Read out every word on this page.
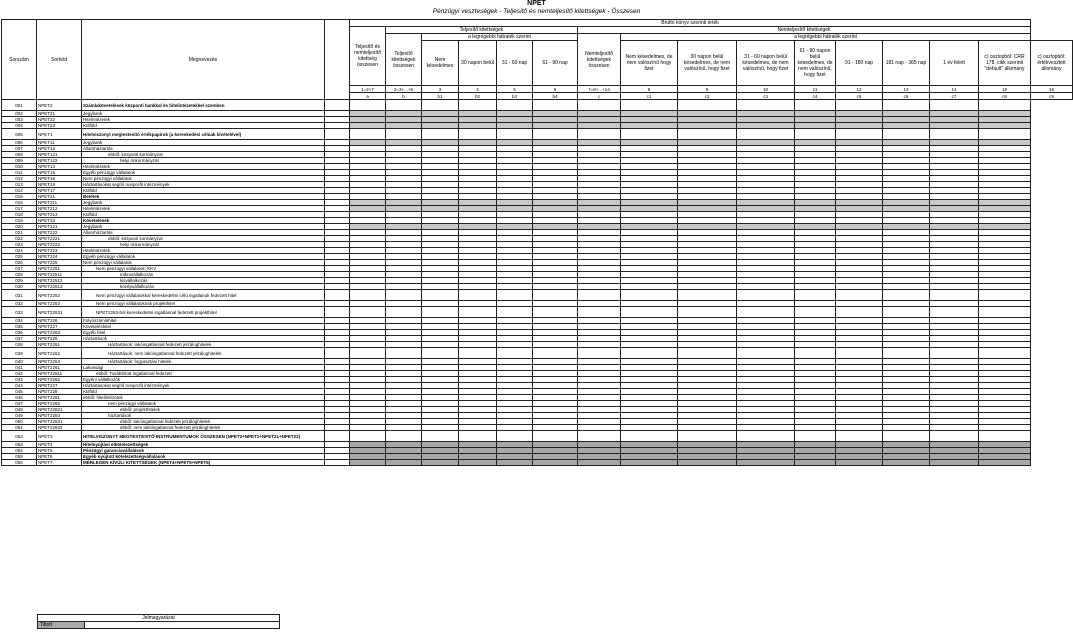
NPET
Pénzügyi veszteségek - Teljesítő és nemteljesítő kitettségek - Összesen
Sorszám	Sorkód	Megnevezés		Bruttó könyv szerinti érték															
				Teljesítő és nemteljesítő kitettség összesen	Teljesítő kitettségek					Nemteljesítő kitettségek									
					Teljesítő kitettségek összesen	a legrégebbi hátralék szerint				Nemteljesítő kitettségek összesen	a legrégebbi hátralék szerint								
						Nem késedelmes	30 napon belül	31 - 60 nap	61 - 90 nap		Nem késedelmes, de nem valószínű hogy fizet	30 napon belül késedelmes, de nem valószínű, hogy fizet	31 - 60 napon belül késedelmes, de nem valószínű, hogy fizet	61 - 90 napon belül késedelmes, de nem valószínű, hogy fizet	91 - 180 nap	181 nap - 365 nap	1 év felett	c) oszlopból: CRR 178. cikk szerinti "default" állomány	c) oszlopból: értékvesztett állomány
				1=2+7	2=3+...+6	3	4	5	6	7=8+...+14	8	9	10	11	12	13	14	15	16
				a	b	b1	b2	b3	b4	c	c1	c2	c3	c4	c5	c6	c7	c8	c9
001	NPET2	Számlakövetelések központi bankkal és hitelintézetekkel szemben																	
002	NPET21	Jegybank																	
003	NPET22	Hitelintézetek																	
004	NPET23	Külföld																	
005	NPET1	Hitelviszonyt megtestesítő értékpapírok (a kereskedési célúak kivételével)																	
006	NPET11	Jegybank																	
007	NPET12	Államháztartás																	
008	NPET121	ebből: központi kormányzat																	
009	NPET122	helyi önkormányzat																	
010	NPET13	Hitelintézetek																	
011	NPET15	Egyéb pénzügyi vállalatok																	
012	NPET16	Nem pénzügyi vállalatok																	
013	NPET18	Háztartásokat segítő nonprofit intézmények																	
014	NPET17	Külföld																	
015	NPET21	Betétek																	
016	NPET211	Jegybank																	
017	NPET212	Hitelintézetek																	
018	NPET213	Külföld																	
019	NPET22	Követelések																	
020	NPET221	Jegybank																	
021	NPET222	Államháztartás																	
022	NPET2221	ebből: központi kormányzat																	
023	NPET2222	helyi önkormányzat																	
024	NPET223	Hitelintézetek																	
025	NPET224	Egyéb pénzügyi vállalatok																	
026	NPET225	Nem pénzügyi vállalatok																	
027	NPET2251	Nem pénzügyi vállalatok: KKV																	
028	NPET22511	mikrovállalkozás																	
029	NPET22512	kisvállalkozás																	
030	NPET22513	középvállalkozás																	
031	NPET2252	Nem pénzügyi vállalatokkal kereskedelmi célú ingatlanok fedezett hitel																	
032	NPET2253	Nem pénzügyi vállalatoknak projekthitel																	
033	NPET22531	NPET2253-ból kereskedelmi ingatlannal fedezett projekthitel																	
034	NPET226	Folyószámlahitel																	
035	NPET227	Követeléshitel																	
036	NPET2263	Egyéb hitel																	
037	NPET226	Háztartások																	
038	NPET2261	Háztartások: lakóingatlannal fedezett jelzáloghitelek																	
039	NPET2262	Háztartások: nem lakóingatlannal fedezett jelzáloghitelek																	
040	NPET2263	Háztartások: fogyasztási hitelek																	
041	NPET2261	Lakossági																	
042	NPET22611	ebből: Továbbított ingatlannal fedezett																	
043	NPET2262	Egyéni vállalkozók																	
044	NPET227	Háztartásokat segítő nonprofit intézmények																	
045	NPET228	Külföld																	
046	NPET2281	ebből: hitelintézetek																	
047	NPET2282	nem pénzügyi vállalatok																	
048	NPET22821	ebből: projekthitelek																	
049	NPET2283	háztartások																	
050	NPET22831	ebből: lakóingatlannal fedezett jelzáloghitelek																	
051	NPET22832	ebből: nem lakóingatlannal fedezett jelzáloghitelek																	
052	NPET3	HITELVISZONYT MEGTESTESÍTŐ INSTRUMENTUMOK ÖSSZESEN (NPET2+NPET1+NPET21+NPET22)																	
053	NPET4	Hitelnyújtási elkötelezettségek																	
054	NPET5	Pénzügyi garanciavállalások																	
055	NPET6	Egyéb nyújtott kötelezettségvállalások																	
056	NPET7	MÉRLEGEN KÍVÜLI KITETTSÉGEK (NPET4+NPET5+NPET6)																	
Jelmagyarázat
Tiltott	
